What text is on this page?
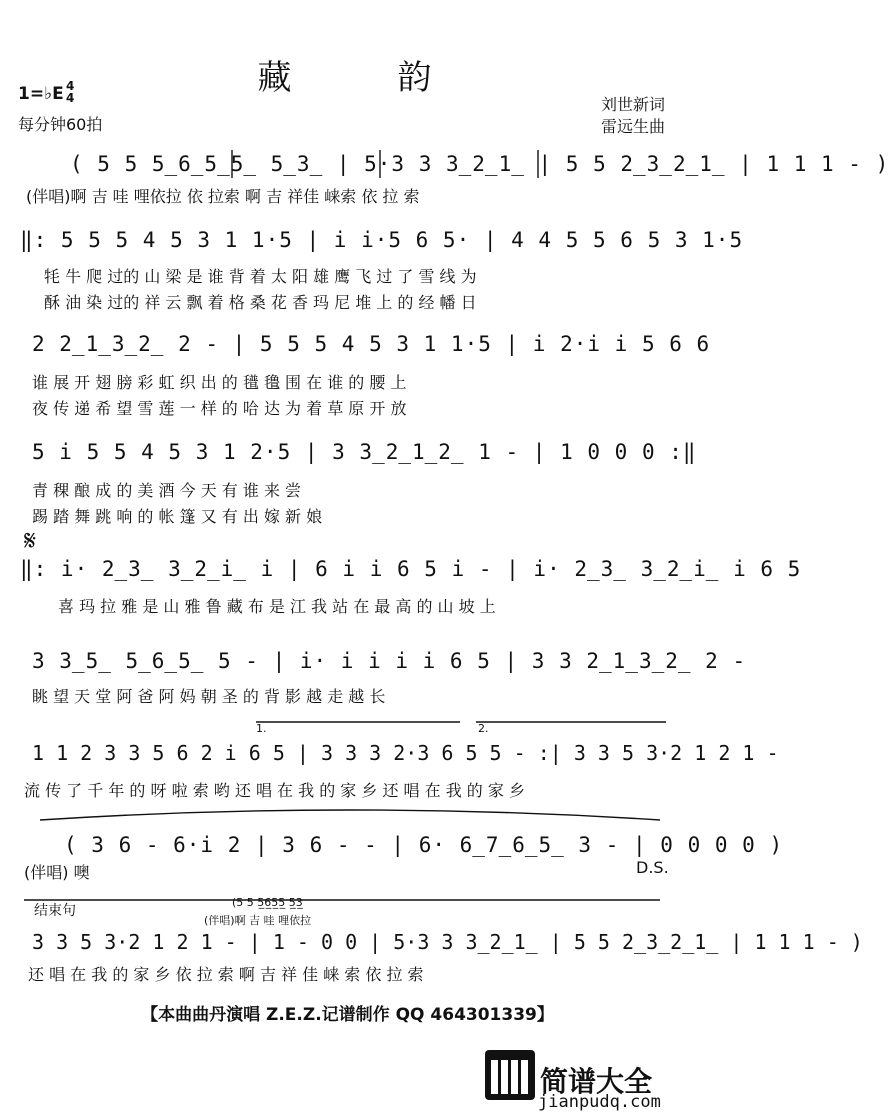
藏　韵
1=♭E 4
4
每分钟60拍
刘世新词
雷远生曲
( 5 5 5̲6̲5̲5̲ 5̲3̲ | 5·3 3 3̲2̲1̲ | 5 5 2̲3̲2̲1̲ | 1 1 1 - )
(伴唱)啊 吉 哇 哩依拉 依 拉索 啊 吉 祥佳 崃索 依 拉 索
‖: 5 5 5 4 5 3 1 1·5 | i i·5 6 5· | 4 4 5 5 6 5 3 1·5
牦 牛 爬 过的 山 梁 是 谁 背 着 太 阳 雄 鹰 飞 过 了 雪 线 为
酥 油 染 过的 祥 云 飘 着 格 桑 花 香 玛 尼 堆 上 的 经 幡 日
2 2̲1̲3̲2̲ 2 - | 5 5 5 4 5 3 1 1·5 | i 2·i i 5 6 6
谁 展 开 翅 膀 彩 虹 织 出 的 氆 氇 围 在 谁 的 腰 上
夜 传 递 希 望 雪 莲 一 样 的 哈 达 为 着 草 原 开 放
5 i 5 5 4 5 3 1 2·5 | 3 3̲2̲1̲2̲ 1 - | 1 0 0 0 :‖
青 稞 酿 成 的 美 酒 今 天 有 谁 来 尝
踢 踏 舞 跳 响 的 帐 篷 又 有 出 嫁 新 娘
𝄋
‖: i· 2̲3̲ 3̲2̲i̲ i | 6 i i 6 5 i - | i· 2̲3̲ 3̲2̲i̲ i 6 5
喜 玛 拉 雅 是 山 雅 鲁 藏 布 是 江 我 站 在 最 高 的 山 坡 上
3 3̲5̲ 5̲6̲5̲ 5 - | i· i i i i 6 5 | 3 3 2̲1̲3̲2̲ 2 -
眺 望 天 堂 阿 爸 阿 妈 朝 圣 的 背 影 越 走 越 长
1.	2.
1 1 2 3 3 5 6 2 i 6 5 | 3 3 3 2·3 6 5 5 - :| 3 3 5 3·2 1 2 1 -
流 传 了 千 年 的 呀 啦 索 哟 还 唱 在 我 的 家 乡 还 唱 在 我 的 家 乡
( 3 6 - 6·i 2 | 3 6 - - | 6· 6̲7̲6̲5̲ 3 - | 0 0 0 0 )
(伴唱) 噢	D.S.
结束句
(5 5 5̲6̲5̲5̲ 5̲3̲
(伴唱)啊 吉 哇 哩依拉
3 3 5 3·2 1 2 1 - | 1 - 0 0 | 5·3 3 3̲2̲1̲ | 5 5 2̲3̲2̲1̲ | 1 1 1 - )
还 唱 在 我 的 家 乡 依 拉 索 啊 吉 祥 佳 崃 索 依 拉 索
【本曲曲丹演唱 Z.E.Z.记谱制作 QQ 464301339】
简谱大全
jianpudq.com
